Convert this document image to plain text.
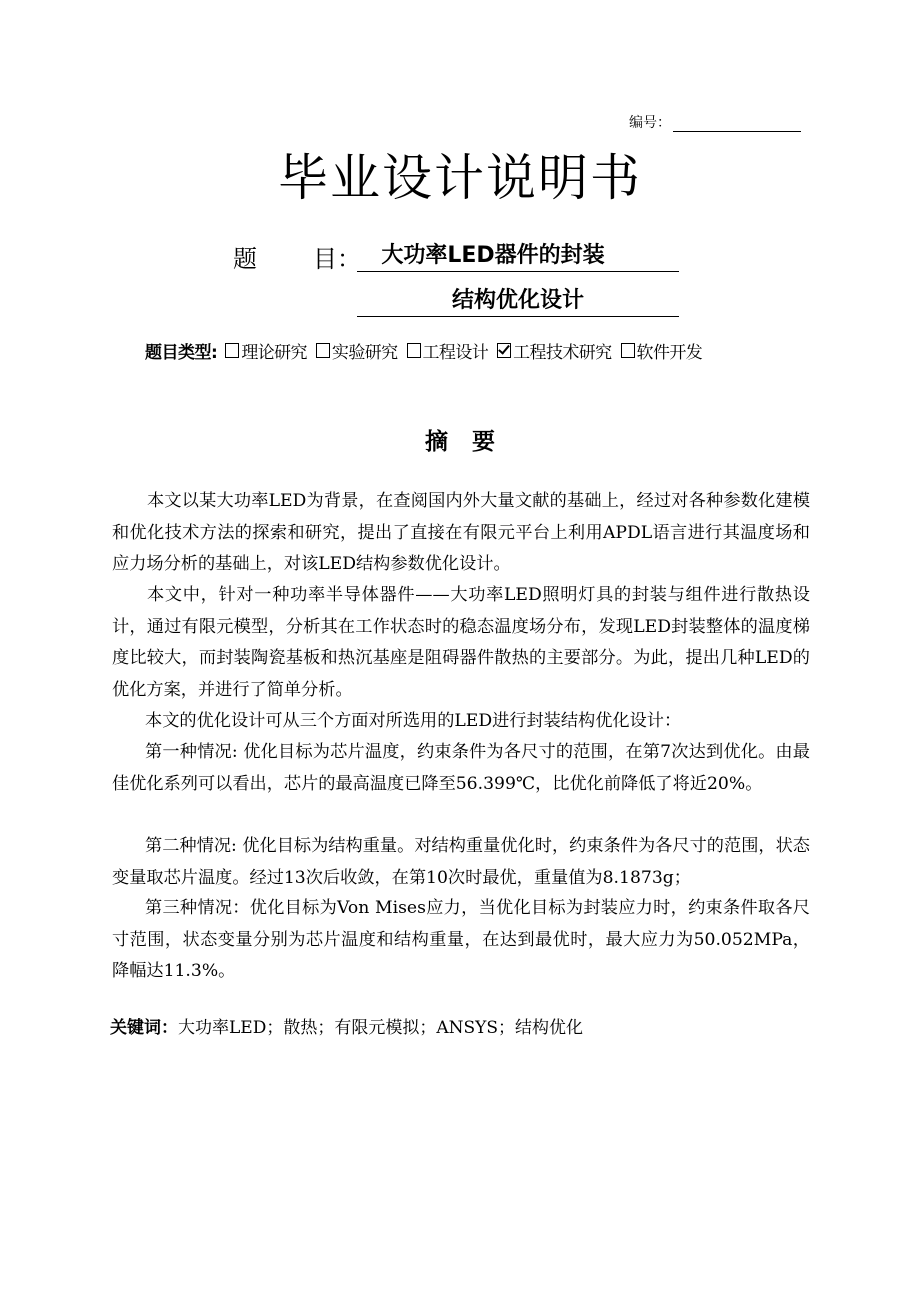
编号：
毕业设计说明书
题 目： 大功率LED器件的封装
结构优化设计
题目类型: 理论研究 实验研究 工程设计 工程技术研究 软件开发
摘要

本文以某大功率LED为背景，在查阅国内外大量文献的基础上，经过对各种参数化建模和优化技术方法的探索和研究，提出了直接在有限元平台上利用APDL语言进行其温度场和应力场分析的基础上，对该LED结构参数优化设计。

本文中，针对一种功率半导体器件——大功率LED照明灯具的封装与组件进行散热设计，通过有限元模型，分析其在工作状态时的稳态温度场分布，发现LED封装整体的温度梯度比较大，而封装陶瓷基板和热沉基座是阻碍器件散热的主要部分。为此，提出几种LED的优化方案，并进行了简单分析。

本文的优化设计可从三个方面对所选用的LED进行封装结构优化设计：

第一种情况: 优化目标为芯片温度，约束条件为各尺寸的范围，在第7次达到优化。由最佳优化系列可以看出，芯片的最高温度已降至56.399℃，比优化前降低了将近20%。

第二种情况: 优化目标为结构重量。对结构重量优化时，约束条件为各尺寸的范围，状态变量取芯片温度。经过13次后收敛，在第10次时最优，重量值为8.1873g；

第三种情况：优化目标为Von Mises应力，当优化目标为封装应力时，约束条件取各尺寸范围，状态变量分别为芯片温度和结构重量，在达到最优时，最大应力为50.052MPa，降幅达11.3%。

关键词：大功率LED；散热；有限元模拟；ANSYS；结构优化
